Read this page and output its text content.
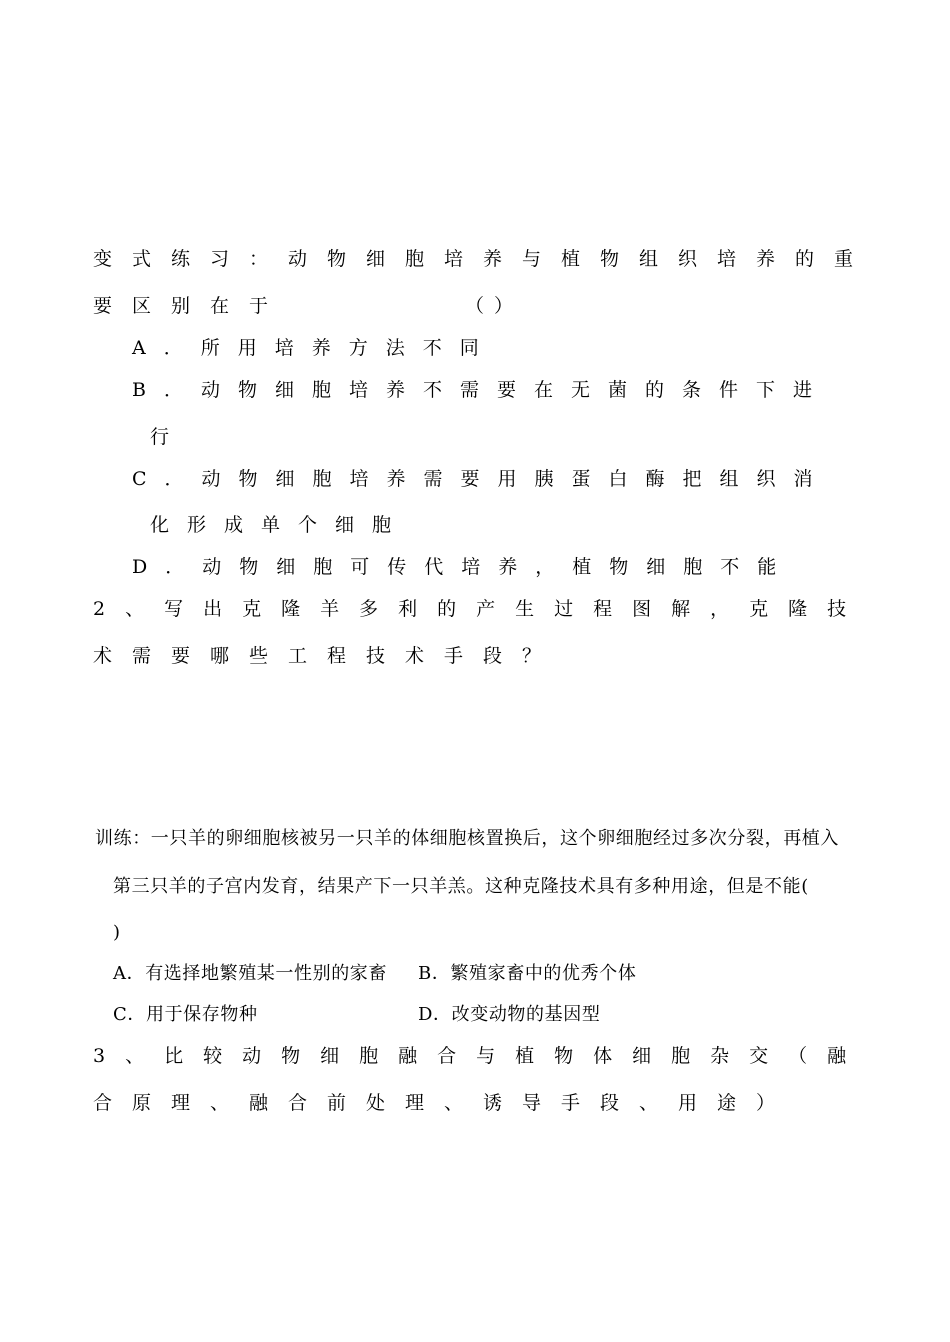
变式练习：动物细胞培养与植物组织培养的重

要区别在于	（ ）

A．所用培养方法不同

B．动物细胞培养不需要在无菌的条件下进

行

C．动物细胞培养需要用胰蛋白酶把组织消

化形成单个细胞

D．动物细胞可传代培养，植物细胞不能

2、写出克隆羊多利的产生过程图解，克隆技

术需要哪些工程技术手段？

训练：一只羊的卵细胞核被另一只羊的体细胞核置换后，这个卵细胞经过多次分裂，再植入

第三只羊的子宫内发育，结果产下一只羊羔。这种克隆技术具有多种用途，但是不能(

)

A．有选择地繁殖某一性别的家畜 B．繁殖家畜中的优秀个体

C．用于保存物种	D．改变动物的基因型

3、比较动物细胞融合与植物体细胞杂交（融

合原理、融合前处理、诱导手段、用途）
